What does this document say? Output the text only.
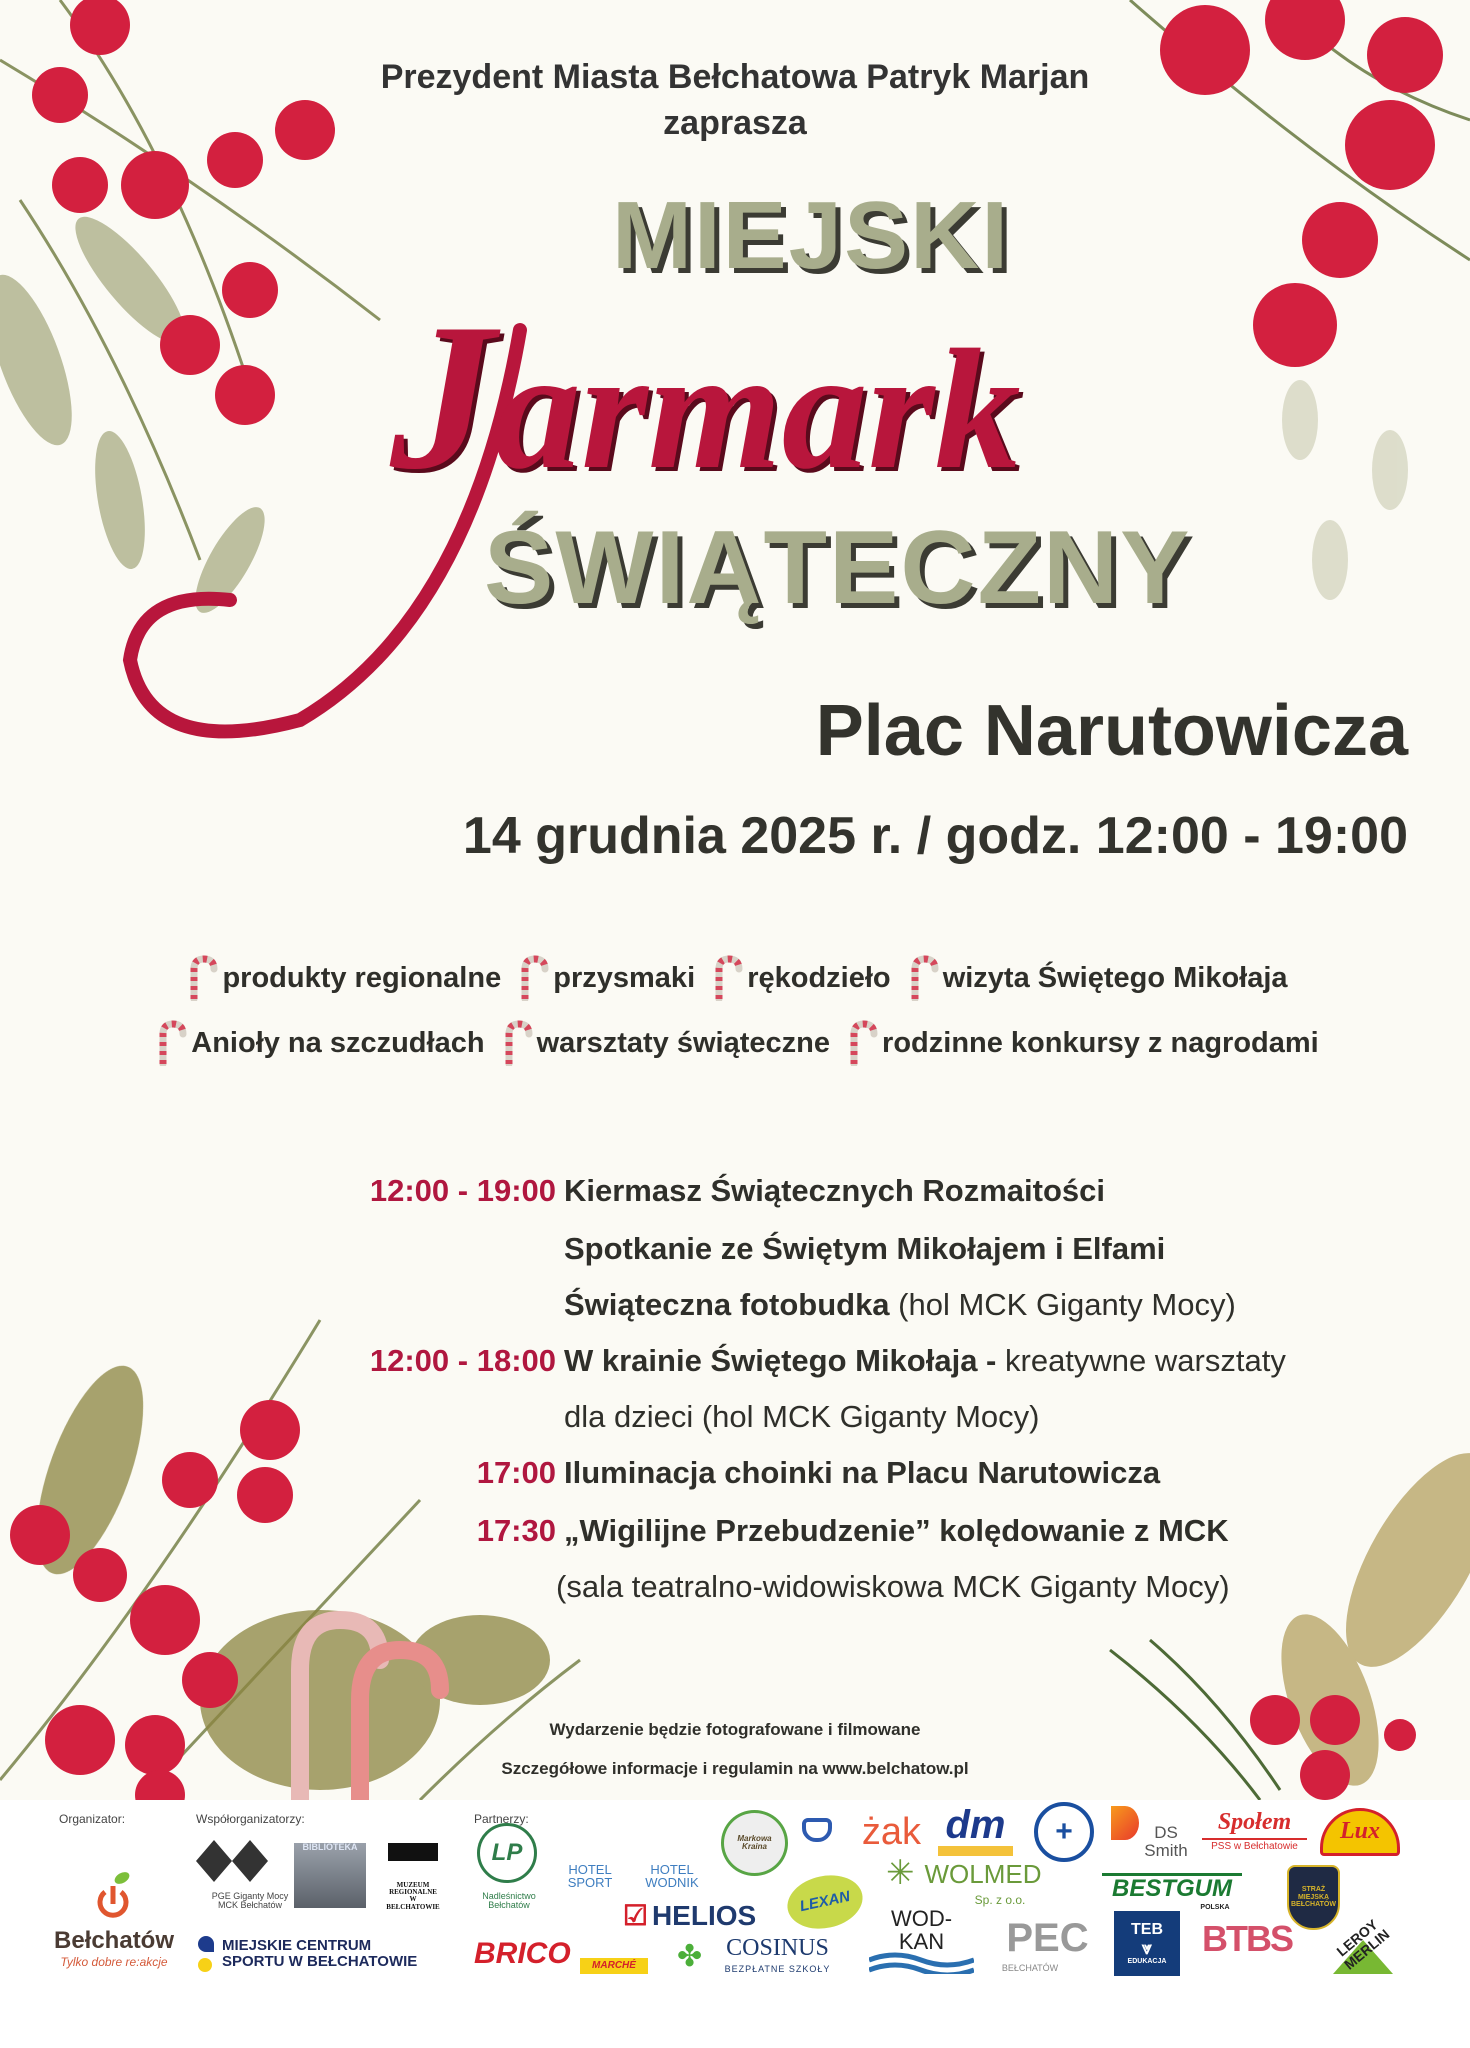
Prezydent Miasta Bełchatowa Patryk Marjan
zaprasza
MIEJSKI
Jarmark
ŚWIĄTECZNY
Plac Narutowicza
14 grudnia 2025 r. / godz. 12:00 - 19:00
produkty regionalne
przysmaki
rękodzieło
wizyta Świętego Mikołaja
Anioły na szczudłach
warsztaty świąteczne
rodzinne konkursy z nagrodami
12:00 - 19:00 Kiermasz Świątecznych Rozmaitości
Spotkanie ze Świętym Mikołajem i Elfami
Świąteczna fotobudka (hol MCK Giganty Mocy)
12:00 - 18:00 W krainie Świętego Mikołaja - kreatywne warsztaty
dla dzieci (hol MCK Giganty Mocy)
17:00 Iluminacja choinki na Placu Narutowicza
17:30 „Wigilijne Przebudzenie” kolędowanie z MCK
(sala teatralno-widowiskowa MCK Giganty Mocy)
Wydarzenie będzie fotografowane i filmowane
Szczegółowe informacje i regulamin na www.belchatow.pl
Organizator:	Współorganizatorzy:	Partnerzy:
Bełchatów
Tylko dobre re:akcje
PGE Giganty Mocy MCK Bełchatów
BIBLIOTEKA
MUZEUM REGIONALNE W BEŁCHATOWIE
MIEJSKIE CENTRUM SPORTU W BEŁCHATOWIE
LP
Nadleśnictwo Bełchatów
HOTEL SPORT
HOTEL WODNIK
Markowa Kraina	żak dm	+	DS Smith
Społem
PSS w Bełchatowie
Lux
☑ HELIOS	LEXAN
✳ WOLMED
Sp. z o.o.	BESTGUM
POLSKA
STRAŻ MIEJSKA BEŁCHATÓW
BRICO	MARCHÉ	✤	COSINUS
BEZPŁATNE SZKOŁY
WOD-KAN	PEC
BEŁCHATÓW
TEB
⩔
EDUKACJA
BTBS	LEROY MERLIN
